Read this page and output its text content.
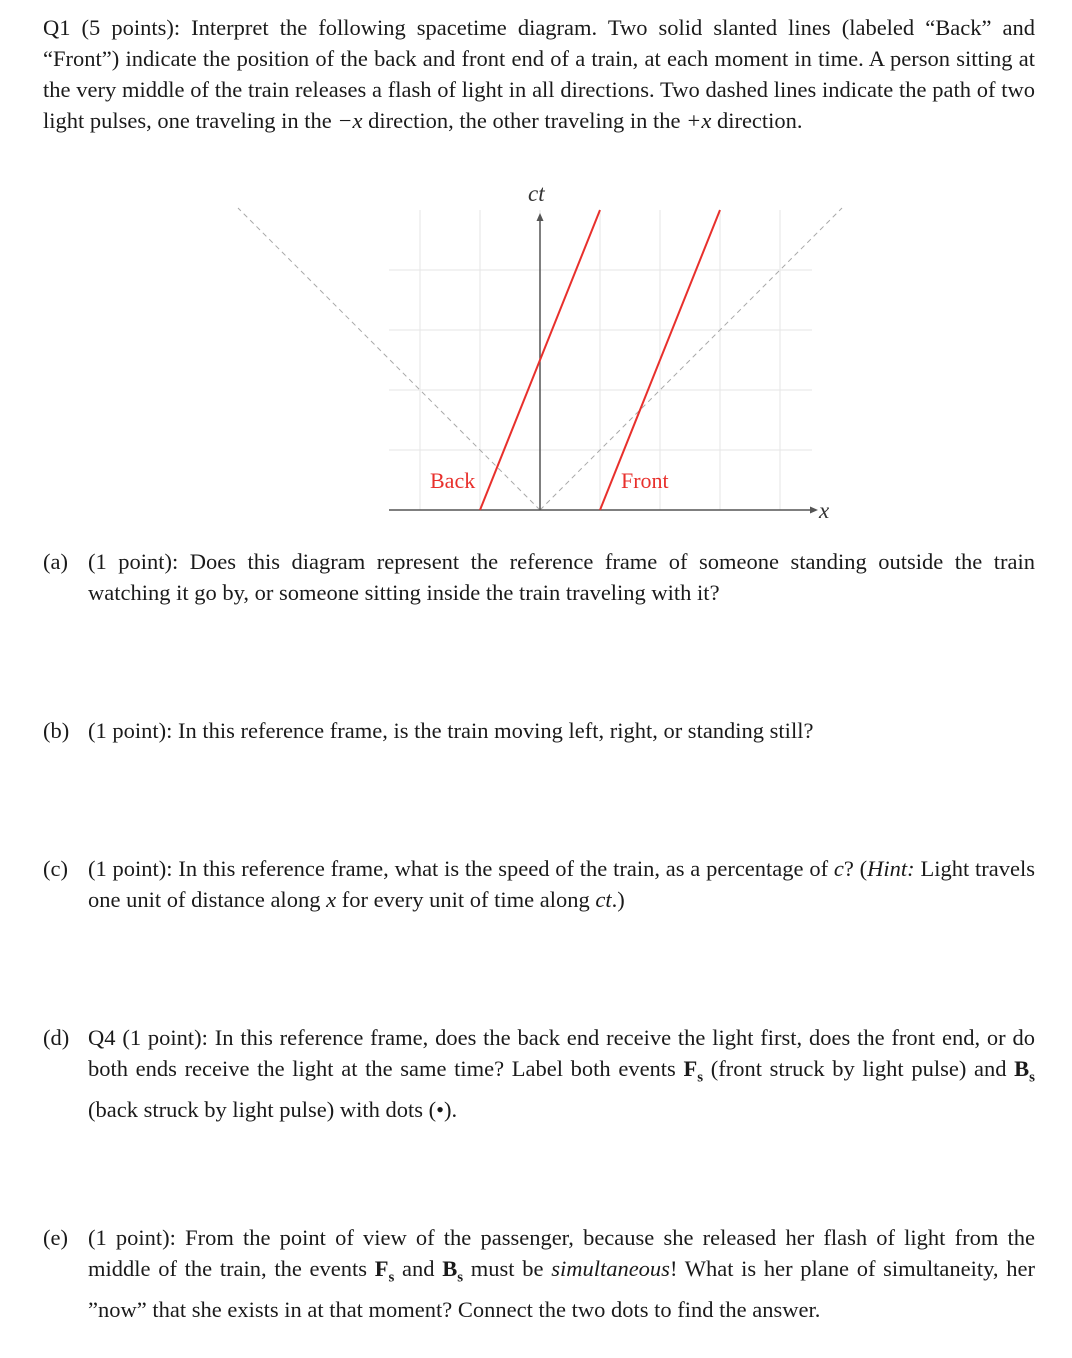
Q1 (5 points): Interpret the following spacetime diagram. Two solid slanted lines (labeled “Back” and “Front”) indicate the position of the back and front end of a train, at each moment in time. A person sitting at the very middle of the train releases a flash of light in all directions. Two dashed lines indicate the path of two light pulses, one traveling in the −x direction, the other traveling in the +x direction.
ct
x
Back	Front
(a) (1 point): Does this diagram represent the reference frame of someone standing outside the train watching it go by, or someone sitting inside the train traveling with it?
(b) (1 point): In this reference frame, is the train moving left, right, or standing still?
(c) (1 point): In this reference frame, what is the speed of the train, as a percentage of c? (Hint: Light travels one unit of distance along x for every unit of time along ct.)
(d) Q4 (1 point): In this reference frame, does the back end receive the light first, does the front end, or do both ends receive the light at the same time? Label both events $F_s$ (front struck by light pulse) and $B_s$ (back struck by light pulse) with dots (•).
(e) (1 point): From the point of view of the passenger, because she released her flash of light from the middle of the train, the events $F_s$ and $B_s$ must be simultaneous! What is her plane of simultaneity, her ”now” that she exists in at that moment? Connect the two dots to find the answer.
